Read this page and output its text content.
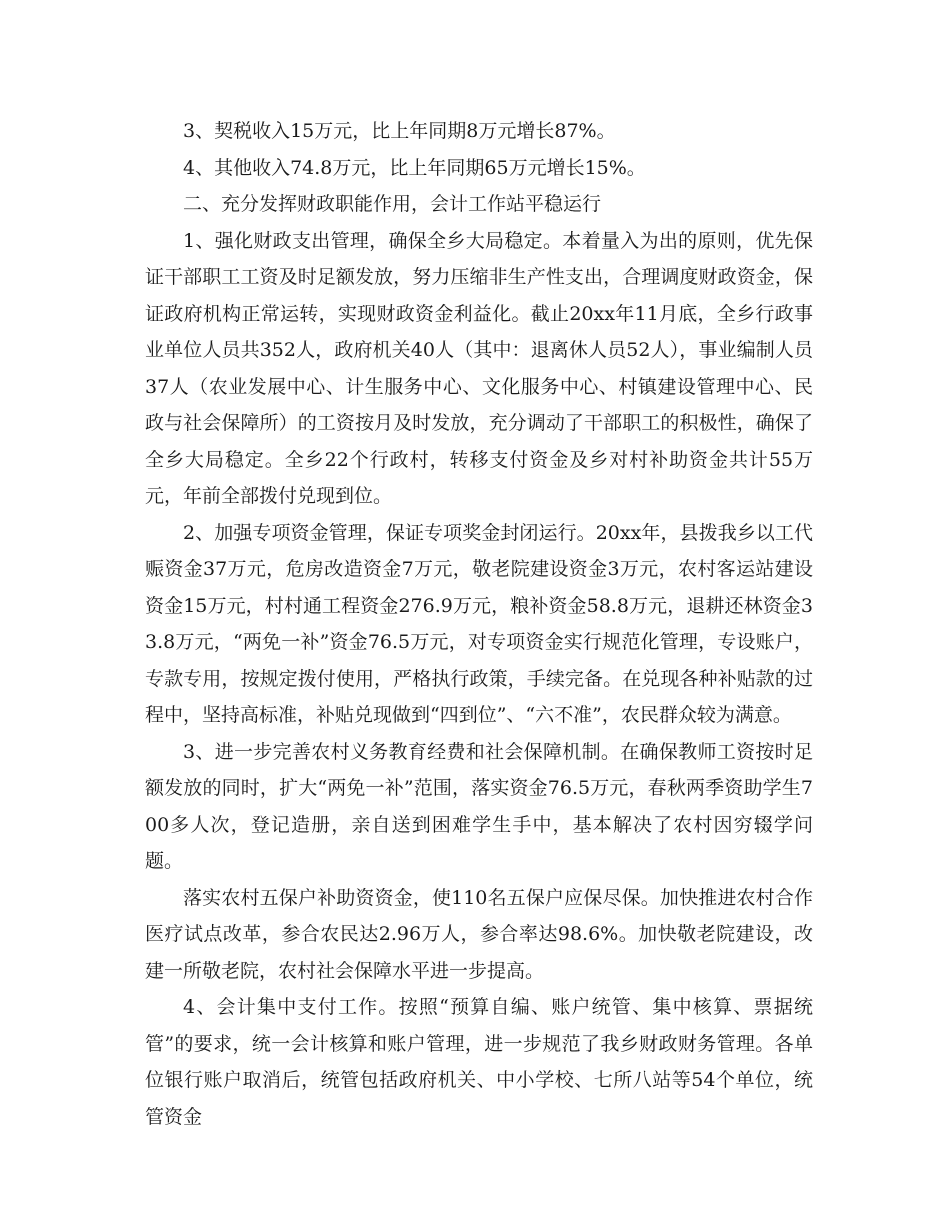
3、契税收入15万元，比上年同期8万元增长87%。

4、其他收入74.8万元，比上年同期65万元增长15%。

二、充分发挥财政职能作用，会计工作站平稳运行

1、强化财政支出管理，确保全乡大局稳定。本着量入为出的原则，优先保证干部职工工资及时足额发放，努力压缩非生产性支出，合理调度财政资金，保证政府机构正常运转，实现财政资金利益化。截止20xx年11月底，全乡行政事业单位人员共352人，政府机关40人（其中：退离休人员52人），事业编制人员37人（农业发展中心、计生服务中心、文化服务中心、村镇建设管理中心、民政与社会保障所）的工资按月及时发放，充分调动了干部职工的积极性，确保了全乡大局稳定。全乡22个行政村，转移支付资金及乡对村补助资金共计55万元，年前全部拨付兑现到位。

2、加强专项资金管理，保证专项奖金封闭运行。20xx年，县拨我乡以工代赈资金37万元，危房改造资金7万元，敬老院建设资金3万元，农村客运站建设资金15万元，村村通工程资金276.9万元，粮补资金58.8万元，退耕还林资金33.8万元，“两免一补”资金76.5万元，对专项资金实行规范化管理，专设账户，专款专用，按规定拨付使用，严格执行政策，手续完备。在兑现各种补贴款的过程中，坚持高标准，补贴兑现做到“四到位”、“六不准”，农民群众较为满意。

3、进一步完善农村义务教育经费和社会保障机制。在确保教师工资按时足额发放的同时，扩大“两免一补”范围，落实资金76.5万元，春秋两季资助学生700多人次，登记造册，亲自送到困难学生手中，基本解决了农村因穷辍学问题。

落实农村五保户补助资资金，使110名五保户应保尽保。加快推进农村合作医疗试点改革，参合农民达2.96万人，参合率达98.6%。加快敬老院建设，改建一所敬老院，农村社会保障水平进一步提高。

4、会计集中支付工作。按照“预算自编、账户统管、集中核算、票据统管”的要求，统一会计核算和账户管理，进一步规范了我乡财政财务管理。各单位银行账户取消后，统管包括政府机关、中小学校、七所八站等54个单位，统管资金
